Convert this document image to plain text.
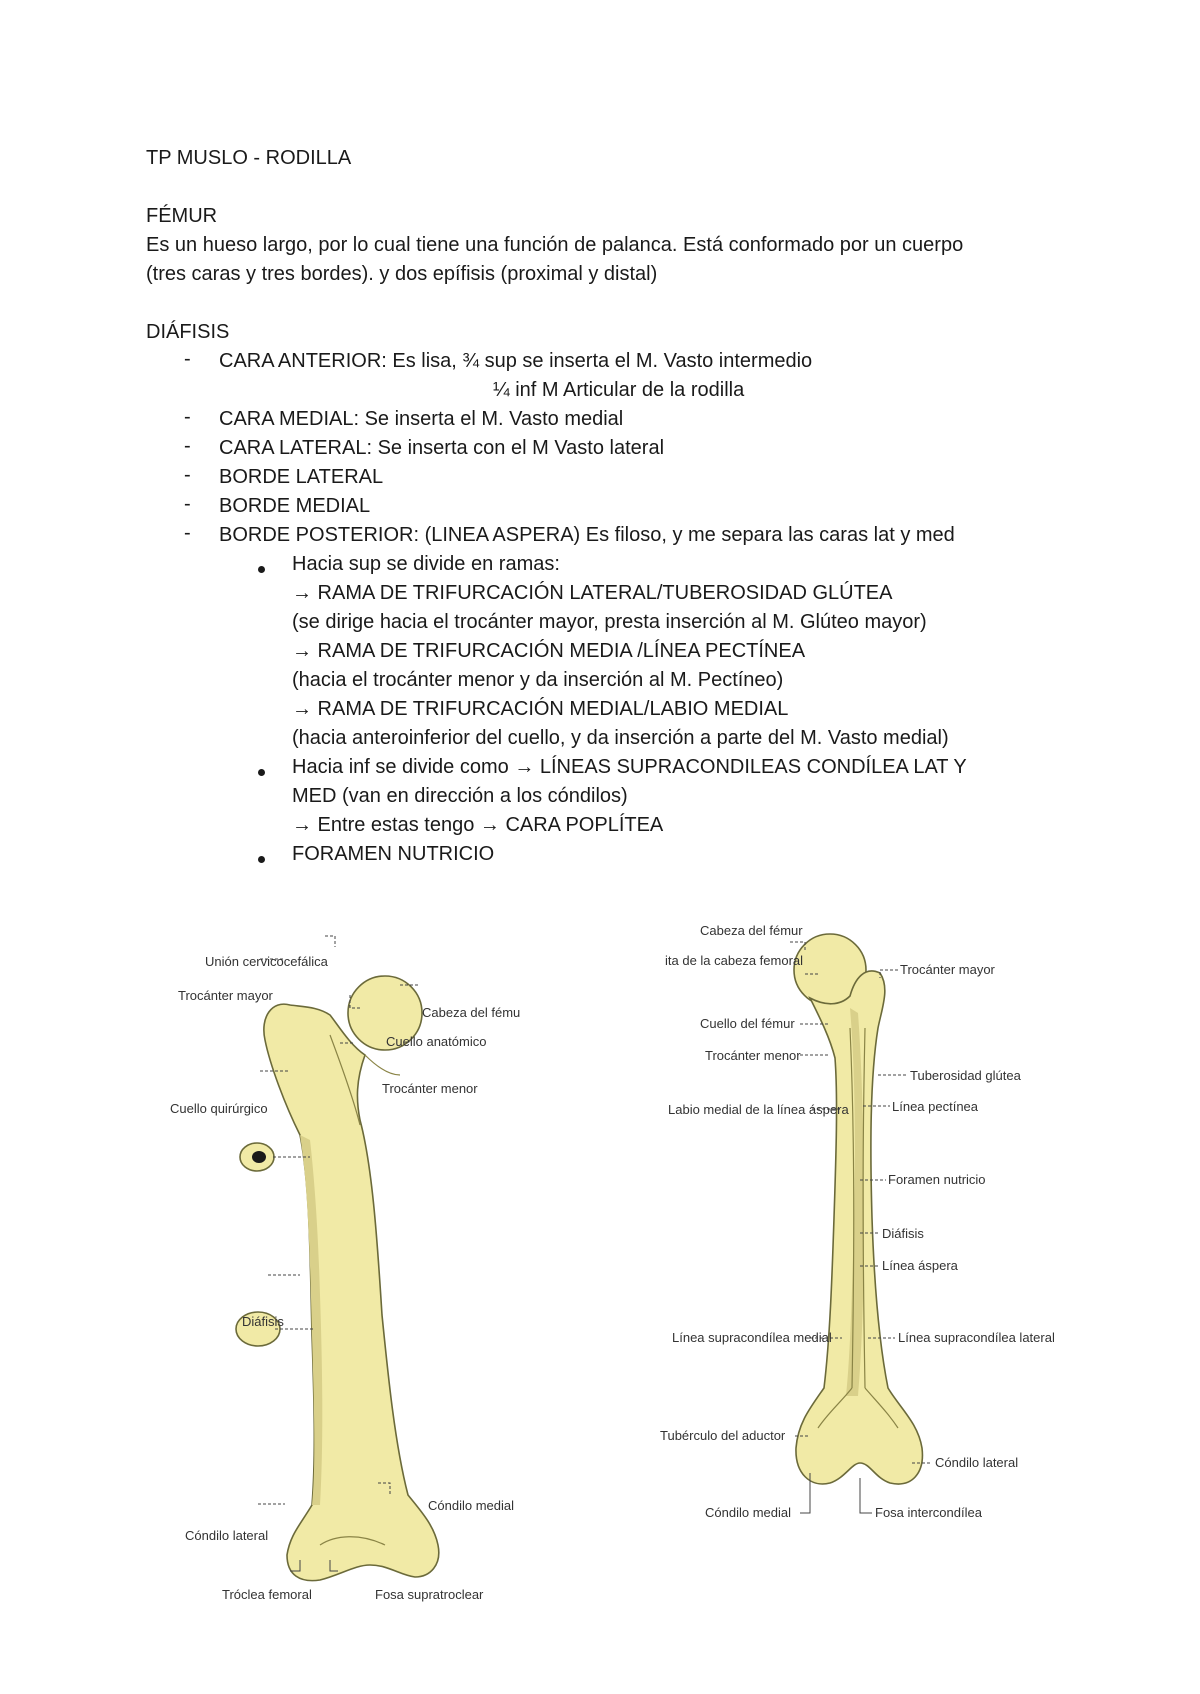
TP MUSLO - RODILLA
FÉMUR
Es un hueso largo, por lo cual tiene una función de palanca. Está conformado por un cuerpo
(tres caras y tres bordes). y dos epífisis (proximal y distal)
DIÁFISIS
- CARA ANTERIOR: Es lisa, ¾ sup se inserta el M. Vasto intermedio
¼ inf M Articular de la rodilla
- CARA MEDIAL: Se inserta el M. Vasto medial
- CARA LATERAL: Se inserta con el M Vasto lateral
- BORDE LATERAL
- BORDE MEDIAL
- BORDE POSTERIOR: (LINEA ASPERA) Es filoso, y me separa las caras lat y med
Hacia sup se divide en ramas:
→ RAMA DE TRIFURCACIÓN LATERAL/TUBEROSIDAD GLÚTEA
(se dirige hacia el trocánter mayor, presta inserción al M. Glúteo mayor)
→ RAMA DE TRIFURCACIÓN MEDIA /LÍNEA PECTÍNEA
(hacia el trocánter menor y da inserción al M. Pectíneo)
→ RAMA DE TRIFURCACIÓN MEDIAL/LABIO MEDIAL
(hacia anteroinferior del cuello, y da inserción a parte del M. Vasto medial)
Hacia inf se divide como → LÍNEAS SUPRACONDILEAS CONDÍLEA LAT Y
MED (van en dirección a los cóndilos)
→ Entre estas tengo → CARA POPLÍTEA
FORAMEN NUTRICIO
Unión cervicocefálica
Trocánter mayor
Cabeza del fému
Cuello anatómico
Trocánter menor
Cuello quirúrgico
Diáfisis
Cóndilo medial
Cóndilo lateral
Tróclea femoral	Fosa supratroclear
Cabeza del fémur
ita de la cabeza femoral
Trocánter mayor
Cuello del fémur
Trocánter menor
Tuberosidad glútea
Labio medial de la línea áspera	Línea pectínea
Foramen nutricio
Diáfisis
Línea áspera
Línea supracondílea medial	Línea supracondílea lateral
Tubérculo del aductor
Cóndilo lateral
Cóndilo medial	Fosa intercondílea
